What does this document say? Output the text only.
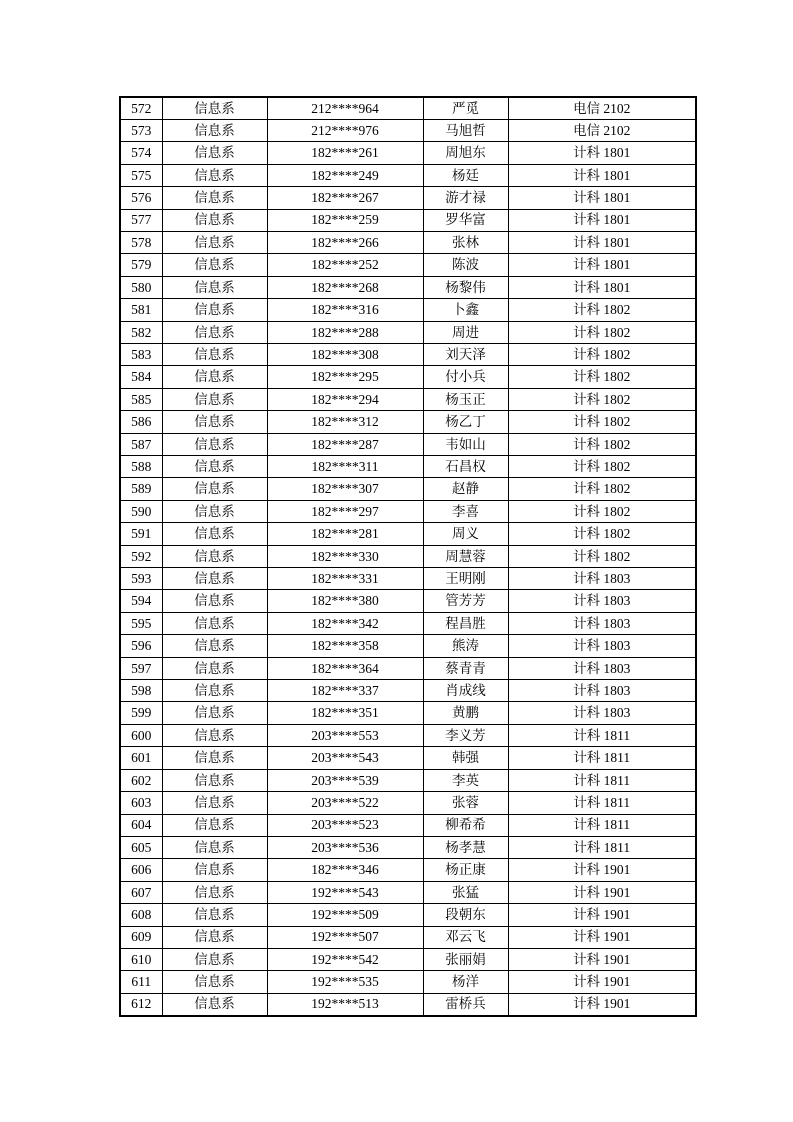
572	信息系	212****964	严觅	电信 2102
573	信息系	212****976	马旭哲	电信 2102
574	信息系	182****261	周旭东	计科 1801
575	信息系	182****249	杨廷	计科 1801
576	信息系	182****267	游才禄	计科 1801
577	信息系	182****259	罗华富	计科 1801
578	信息系	182****266	张林	计科 1801
579	信息系	182****252	陈波	计科 1801
580	信息系	182****268	杨黎伟	计科 1801
581	信息系	182****316	卜鑫	计科 1802
582	信息系	182****288	周进	计科 1802
583	信息系	182****308	刘天泽	计科 1802
584	信息系	182****295	付小兵	计科 1802
585	信息系	182****294	杨玉正	计科 1802
586	信息系	182****312	杨乙丁	计科 1802
587	信息系	182****287	韦如山	计科 1802
588	信息系	182****311	石昌权	计科 1802
589	信息系	182****307	赵静	计科 1802
590	信息系	182****297	李喜	计科 1802
591	信息系	182****281	周义	计科 1802
592	信息系	182****330	周慧蓉	计科 1802
593	信息系	182****331	王明刚	计科 1803
594	信息系	182****380	管芳芳	计科 1803
595	信息系	182****342	程昌胜	计科 1803
596	信息系	182****358	熊涛	计科 1803
597	信息系	182****364	蔡青青	计科 1803
598	信息系	182****337	肖成线	计科 1803
599	信息系	182****351	黄鹏	计科 1803
600	信息系	203****553	李义芳	计科 1811
601	信息系	203****543	韩强	计科 1811
602	信息系	203****539	李英	计科 1811
603	信息系	203****522	张蓉	计科 1811
604	信息系	203****523	柳希希	计科 1811
605	信息系	203****536	杨孝慧	计科 1811
606	信息系	182****346	杨正康	计科 1901
607	信息系	192****543	张猛	计科 1901
608	信息系	192****509	段朝东	计科 1901
609	信息系	192****507	邓云飞	计科 1901
610	信息系	192****542	张丽娟	计科 1901
611	信息系	192****535	杨洋	计科 1901
612	信息系	192****513	雷桥兵	计科 1901
